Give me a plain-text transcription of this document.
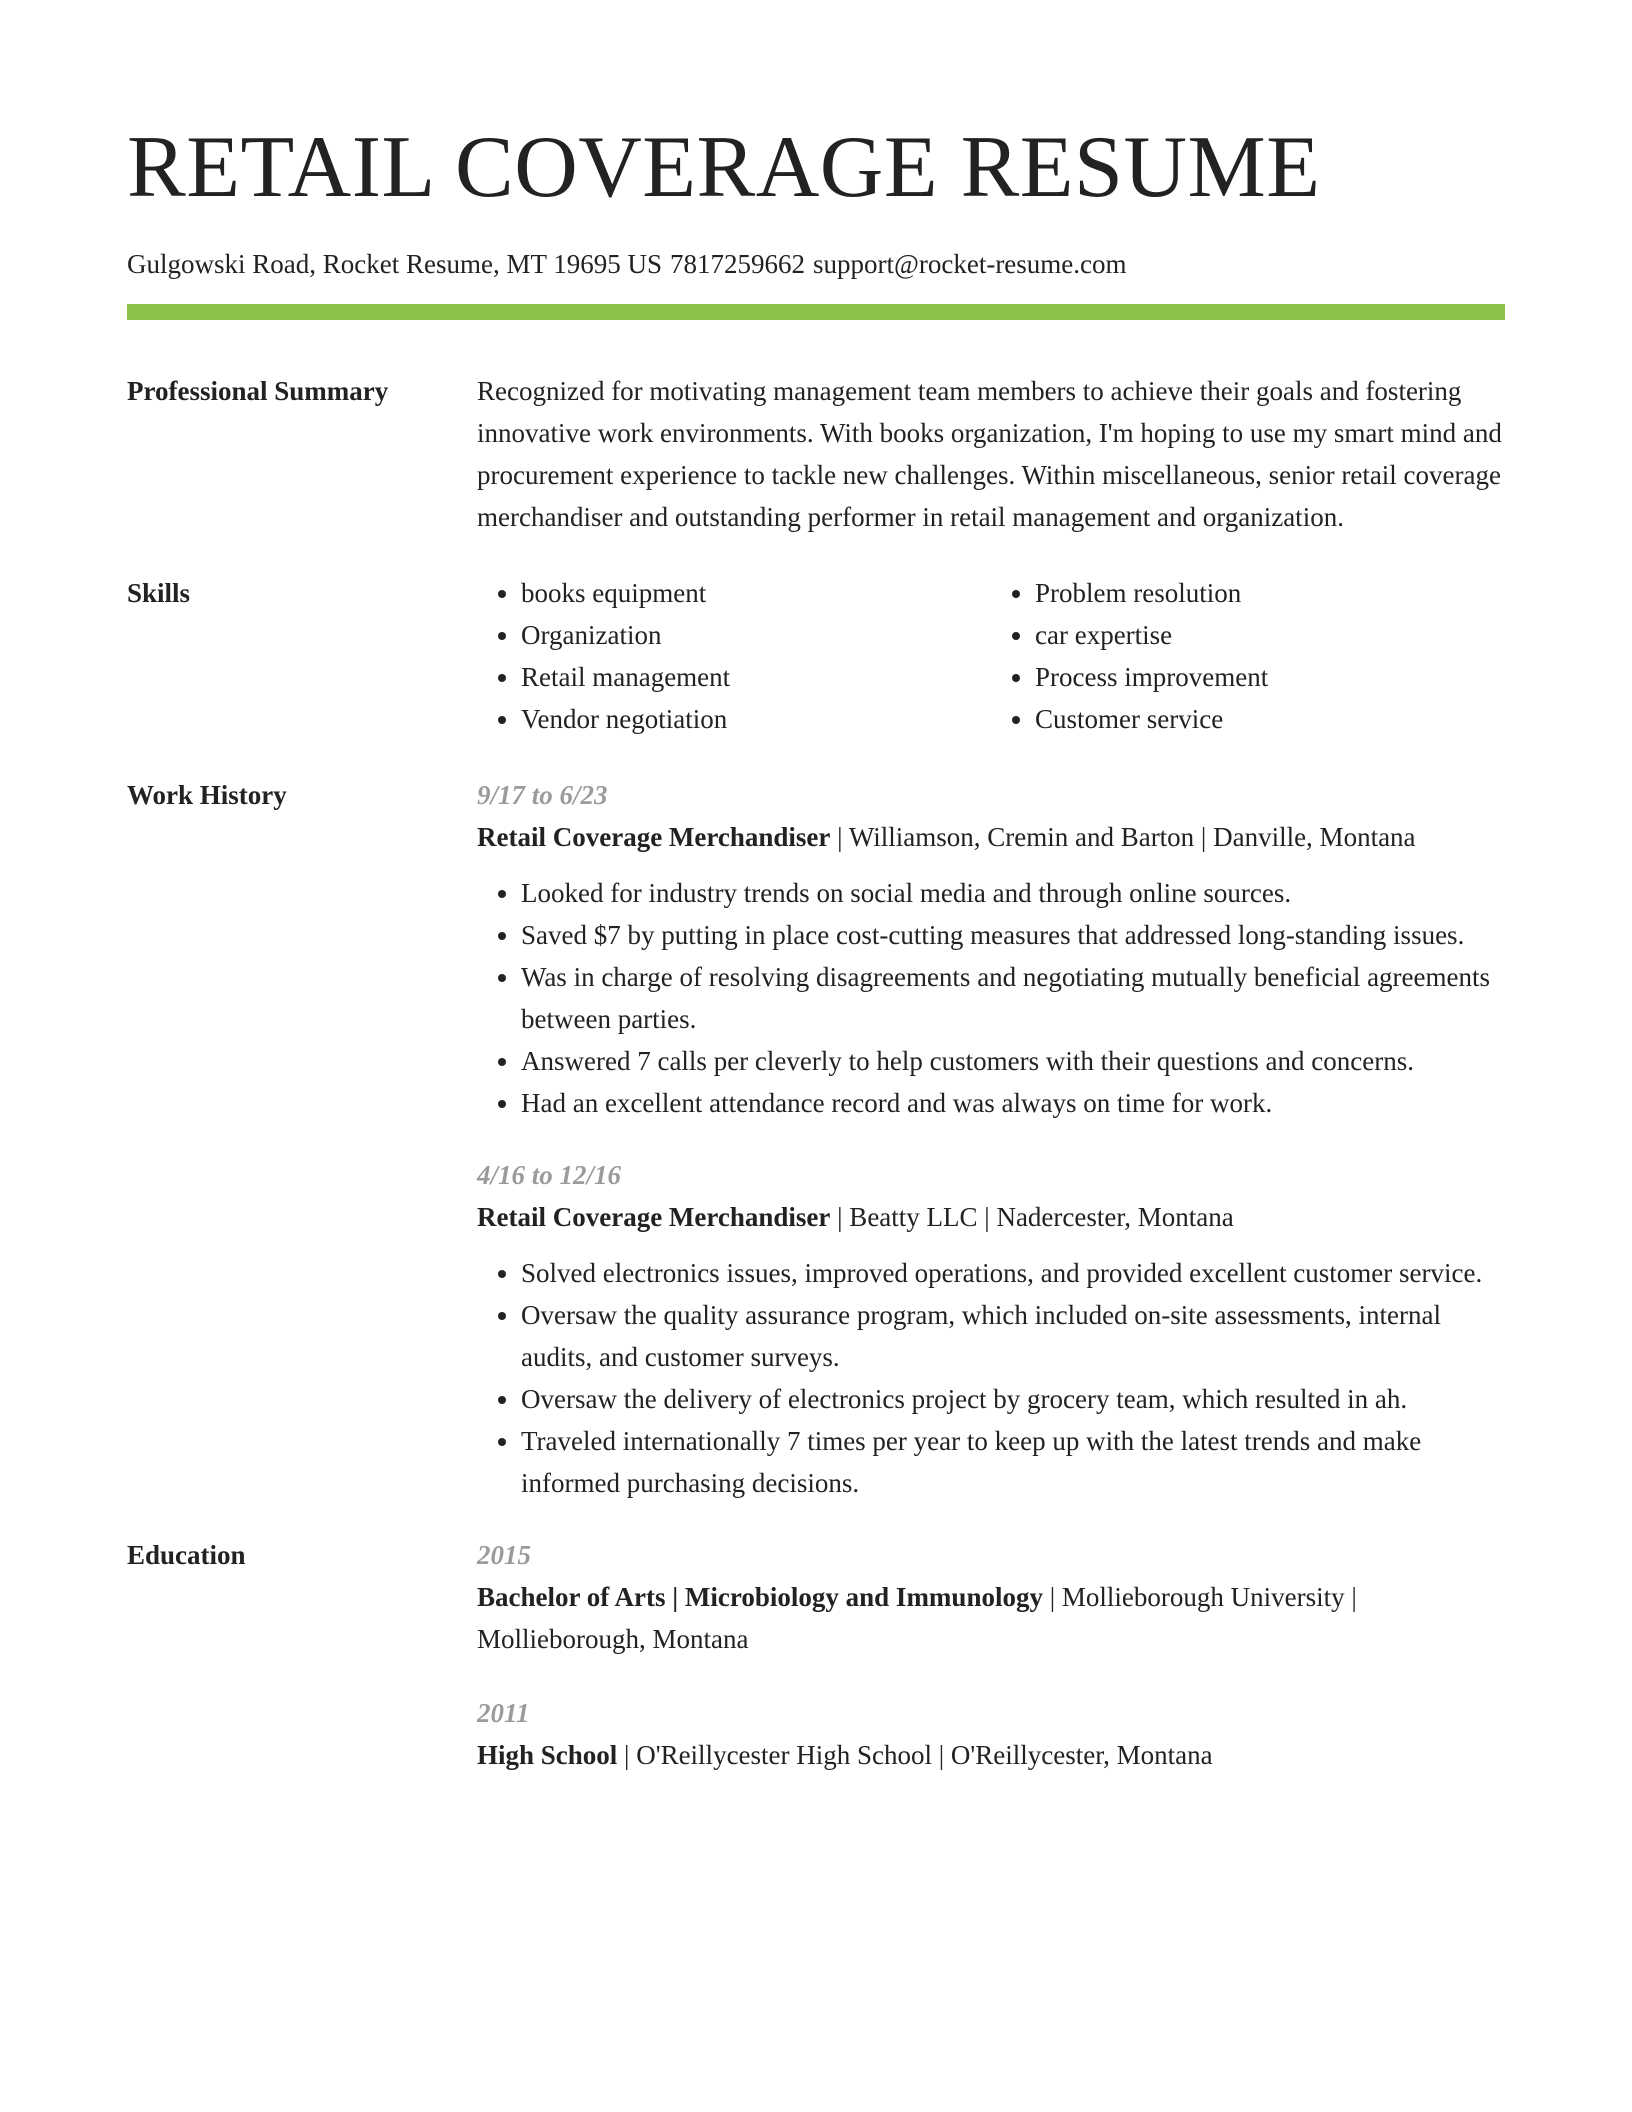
RETAIL COVERAGE RESUME
Gulgowski Road, Rocket Resume, MT 19695 US 7817259662 support@rocket-resume.com
Professional Summary	Recognized for motivating management team members to achieve their goals and fostering innovative work environments. With books organization, I'm hoping to use my smart mind and procurement experience to tackle new challenges. Within miscellaneous, senior retail coverage merchandiser and outstanding performer in retail management and organization.
Skills
•	books equipment
• Organization
• Retail management
• Vendor negotiation
• Problem resolution
• car expertise
• Process improvement
• Customer service
Work History	9/17 to 6/23
Retail Coverage Merchandiser | Williamson, Cremin and Barton | Danville, Montana
• Looked for industry trends on social media and through online sources.
• Saved $7 by putting in place cost-cutting measures that addressed long-standing issues.
• Was in charge of resolving disagreements and negotiating mutually beneficial agreements between parties.
• Answered 7 calls per cleverly to help customers with their questions and concerns.
• Had an excellent attendance record and was always on time for work.
4/16 to 12/16
Retail Coverage Merchandiser | Beatty LLC | Nadercester, Montana
• Solved electronics issues, improved operations, and provided excellent customer service.
• Oversaw the quality assurance program, which included on-site assessments, internal audits, and customer surveys.
• Oversaw the delivery of electronics project by grocery team, which resulted in ah.
• Traveled internationally 7 times per year to keep up with the latest trends and make informed purchasing decisions.
Education	2015
Bachelor of Arts | Microbiology and Immunology | Mollieborough University | Mollieborough, Montana
2011
High School | O'Reillycester High School | O'Reillycester, Montana
